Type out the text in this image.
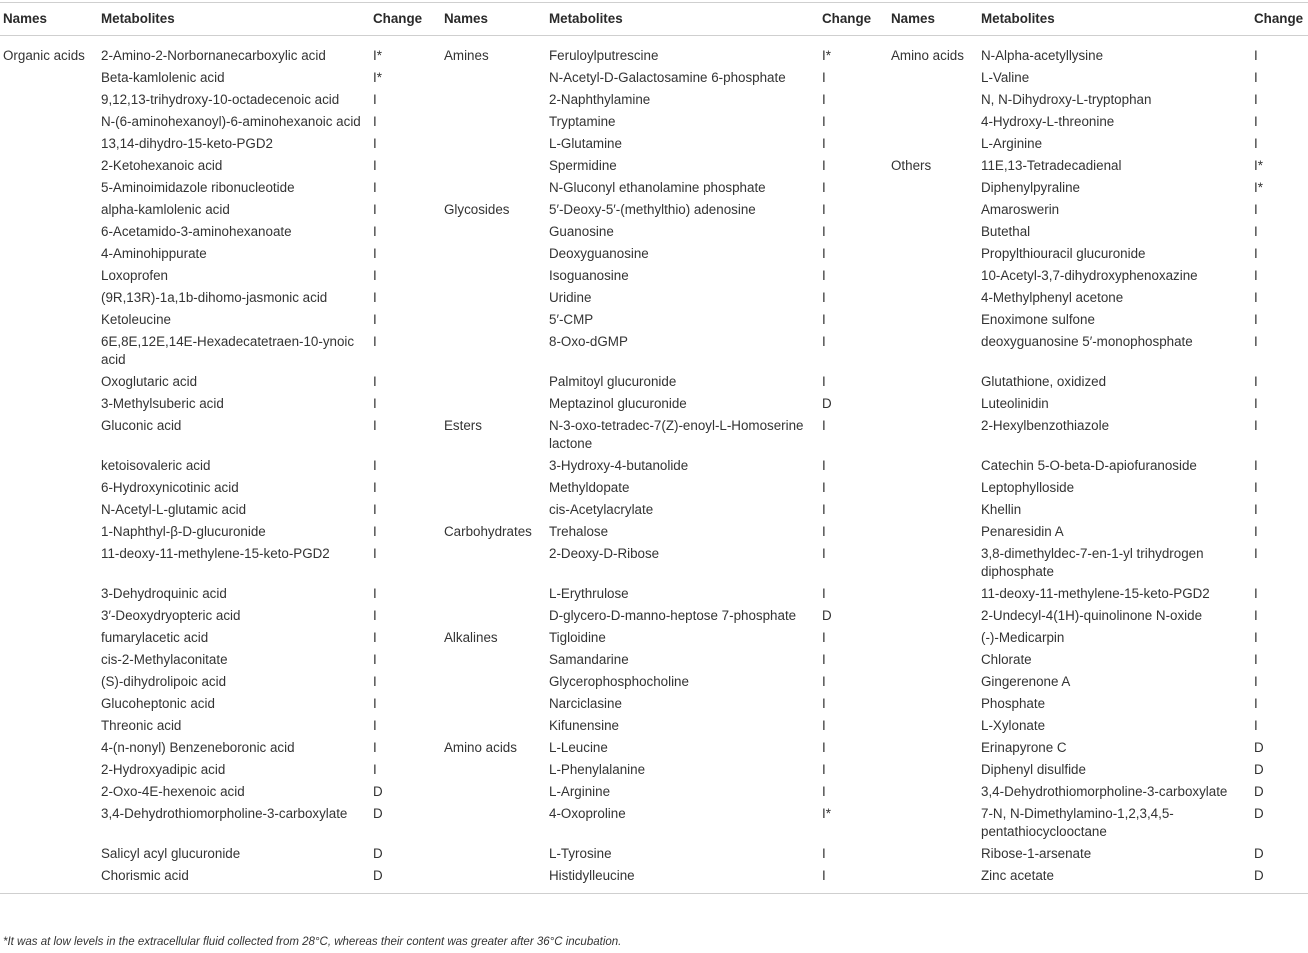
Names	Metabolites	Change	Names	Metabolites	Change	Names	Metabolites	Change
Organic acids	2-Amino-2-Norbornanecarboxylic acid	I*	Amines	Feruloylputrescine	I*	Amino acids	N-Alpha-acetyllysine	I
	Beta-kamlolenic acid	I*		N-Acetyl-D-Galactosamine 6-phosphate	I		L-Valine	I
	9,12,13-trihydroxy-10-octadecenoic acid	I		2-Naphthylamine	I		N, N-Dihydroxy-L-tryptophan	I
	N-(6-aminohexanoyl)-6-aminohexanoic acid	I		Tryptamine	I		4-Hydroxy-L-threonine	I
	13,14-dihydro-15-keto-PGD2	I		L-Glutamine	I		L-Arginine	I
	2-Ketohexanoic acid	I		Spermidine	I	Others	11E,13-Tetradecadienal	I*
	5-Aminoimidazole ribonucleotide	I		N-Gluconyl ethanolamine phosphate	I		Diphenylpyraline	I*
	alpha-kamlolenic acid	I	Glycosides	5′-Deoxy-5′-(methylthio) adenosine	I		Amaroswerin	I
	6-Acetamido-3-aminohexanoate	I		Guanosine	I		Butethal	I
	4-Aminohippurate	I		Deoxyguanosine	I		Propylthiouracil glucuronide	I
	Loxoprofen	I		Isoguanosine	I		10-Acetyl-3,7-dihydroxyphenoxazine	I
	(9R,13R)-1a,1b-dihomo-jasmonic acid	I		Uridine	I		4-Methylphenyl acetone	I
	Ketoleucine	I		5′-CMP	I		Enoximone sulfone	I
	6E,8E,12E,14E-Hexadecatetraen-10-ynoic acid	I		8-Oxo-dGMP	I		deoxyguanosine 5′-monophosphate	I
	Oxoglutaric acid	I		Palmitoyl glucuronide	I		Glutathione, oxidized	I
	3-Methylsuberic acid	I		Meptazinol glucuronide	D		Luteolinidin	I
	Gluconic acid	I	Esters	N-3-oxo-tetradec-7(Z)-enoyl-L-Homoserine lactone	I		2-Hexylbenzothiazole	I
	ketoisovaleric acid	I		3-Hydroxy-4-butanolide	I		Catechin 5-O-beta-D-apiofuranoside	I
	6-Hydroxynicotinic acid	I		Methyldopate	I		Leptophylloside	I
	N-Acetyl-L-glutamic acid	I		cis-Acetylacrylate	I		Khellin	I
	1-Naphthyl-β-D-glucuronide	I	Carbohydrates	Trehalose	I		Penaresidin A	I
	11-deoxy-11-methylene-15-keto-PGD2	I		2-Deoxy-D-Ribose	I		3,8-dimethyldec-7-en-1-yl trihydrogen diphosphate	I
	3-Dehydroquinic acid	I		L-Erythrulose	I		11-deoxy-11-methylene-15-keto-PGD2	I
	3′-Deoxydryopteric acid	I		D-glycero-D-manno-heptose 7-phosphate	D		2-Undecyl-4(1H)-quinolinone N-oxide	I
	fumarylacetic acid	I	Alkalines	Tigloidine	I		(-)-Medicarpin	I
	cis-2-Methylaconitate	I		Samandarine	I		Chlorate	I
	(S)-dihydrolipoic acid	I		Glycerophosphocholine	I		Gingerenone A	I
	Glucoheptonic acid	I		Narciclasine	I		Phosphate	I
	Threonic acid	I		Kifunensine	I		L-Xylonate	I
	4-(n-nonyl) Benzeneboronic acid	I	Amino acids	L-Leucine	I		Erinapyrone C	D
	2-Hydroxyadipic acid	I		L-Phenylalanine	I		Diphenyl disulfide	D
	2-Oxo-4E-hexenoic acid	D		L-Arginine	I		3,4-Dehydrothiomorpholine-3-carboxylate	D
	3,4-Dehydrothiomorpholine-3-carboxylate	D		4-Oxoproline	I*		7-N, N-Dimethylamino-1,2,3,4,5-pentathiocyclooctane	D
	Salicyl acyl glucuronide	D		L-Tyrosine	I		Ribose-1-arsenate	D
	Chorismic acid	D		Histidylleucine	I		Zinc acetate	D
*It was at low levels in the extracellular fluid collected from 28°C, whereas their content was greater after 36°C incubation.
